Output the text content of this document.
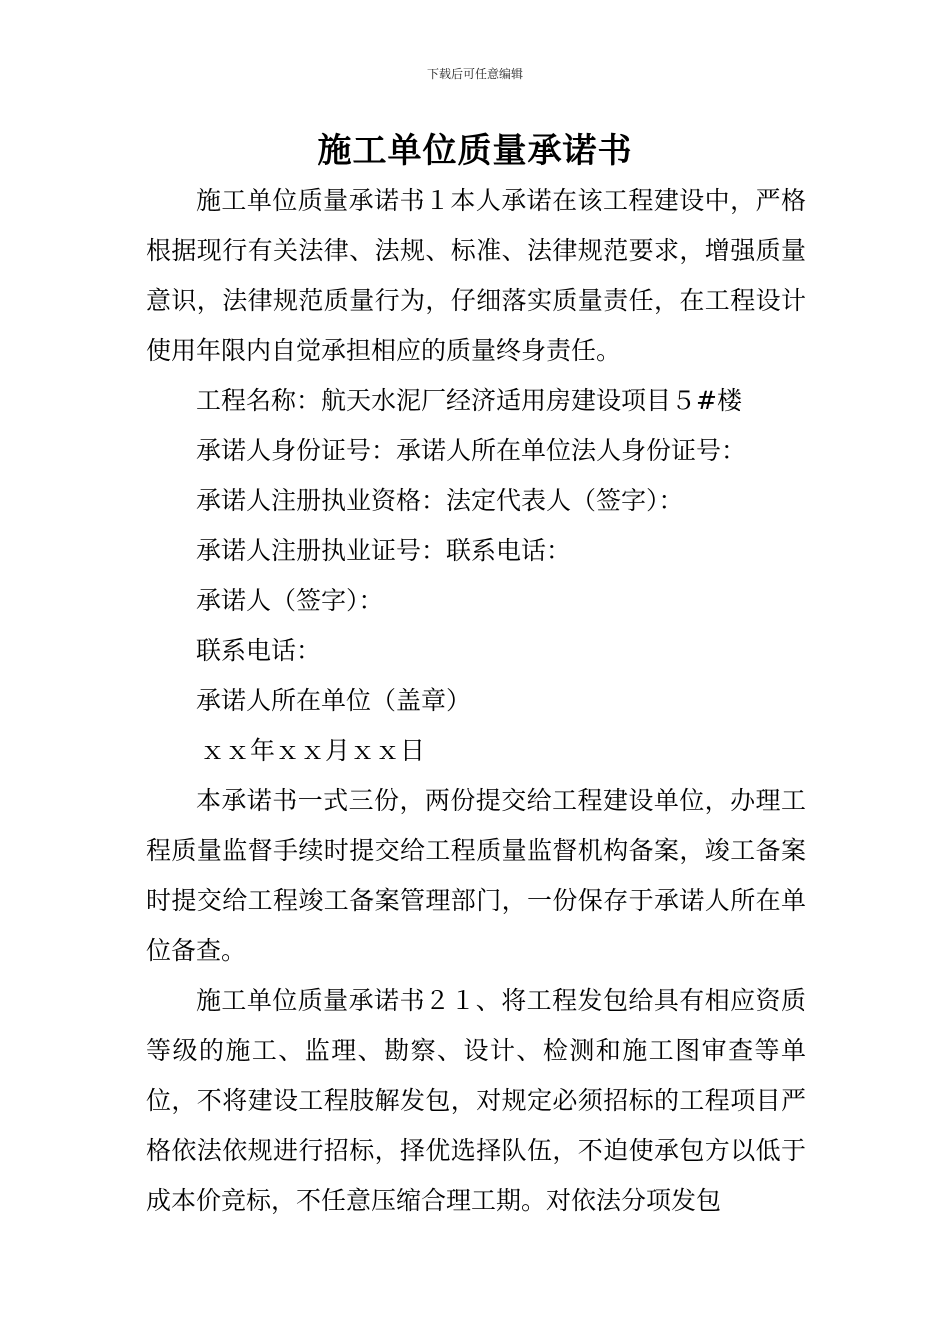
下载后可任意编辑
施工单位质量承诺书

施工单位质量承诺书１本人承诺在该工程建设中，严格根据现行有关法律、法规、标准、法律规范要求，增强质量意识，法律规范质量行为，仔细落实质量责任，在工程设计使用年限内自觉承担相应的质量终身责任。

工程名称：航天水泥厂经济适用房建设项目５#楼

承诺人身份证号：承诺人所在单位法人身份证号：

承诺人注册执业资格：法定代表人（签字）：

承诺人注册执业证号：联系电话：

承诺人（签字）：

联系电话：

承诺人所在单位（盖章）

ｘｘ年ｘｘ月ｘｘ日

本承诺书一式三份，两份提交给工程建设单位，办理工程质量监督手续时提交给工程质量监督机构备案，竣工备案时提交给工程竣工备案管理部门，一份保存于承诺人所在单位备查。

施工单位质量承诺书２１、将工程发包给具有相应资质等级的施工、监理、勘察、设计、检测和施工图审查等单位，不将建设工程肢解发包，对规定必须招标的工程项目严格依法依规进行招标，择优选择队伍，不迫使承包方以低于成本价竞标，不任意压缩合理工期。对依法分项发包
